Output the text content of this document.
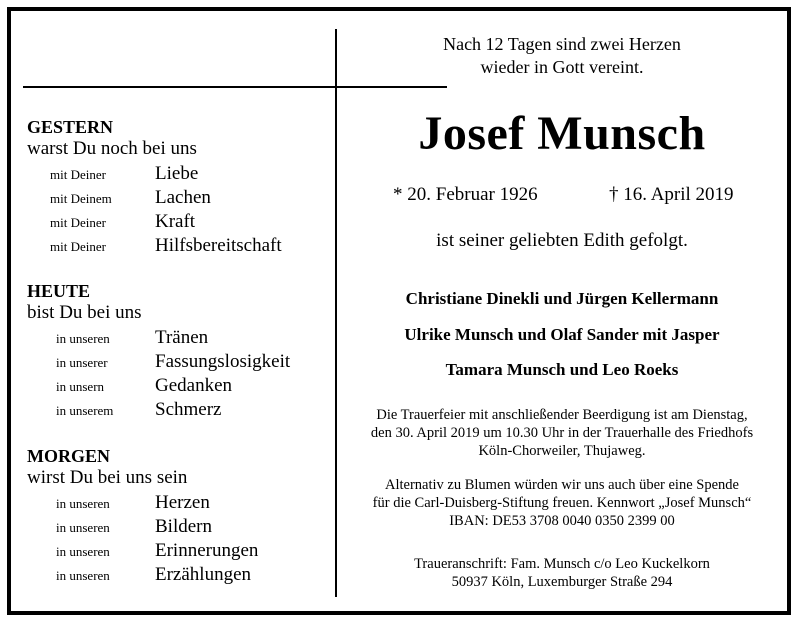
GESTERN
warst Du noch bei uns
mit Deiner	Liebe
mit Deinem Lachen
mit Deiner	Kraft
mit Deiner	Hilfsbereitschaft
HEUTE
bist Du bei uns
in unseren Tränen
in unserer Fassungslosigkeit
in unsern	Gedanken
in unserem Schmerz
MORGEN
wirst Du bei uns sein
in unseren Herzen
in unseren Bildern
in unseren Erinnerungen
in unseren Erzählungen
Nach 12 Tagen sind zwei Herzen
wieder in Gott vereint.
Josef Munsch
* 20. Februar 1926	† 16. April 2019
ist seiner geliebten Edith gefolgt.
Christiane Dinekli und Jürgen Kellermann
Ulrike Munsch und Olaf Sander mit Jasper
Tamara Munsch und Leo Roeks
Die Trauerfeier mit anschließender Beerdigung ist am Dienstag,
den 30. April 2019 um 10.30 Uhr in der Trauerhalle des Friedhofs
Köln-Chorweiler, Thujaweg.
Alternativ zu Blumen würden wir uns auch über eine Spende
für die Carl-Duisberg-Stiftung freuen. Kennwort „Josef Munsch“
IBAN: DE53 3708 0040 0350 2399 00
Traueranschrift: Fam. Munsch c/o Leo Kuckelkorn
50937 Köln, Luxemburger Straße 294
